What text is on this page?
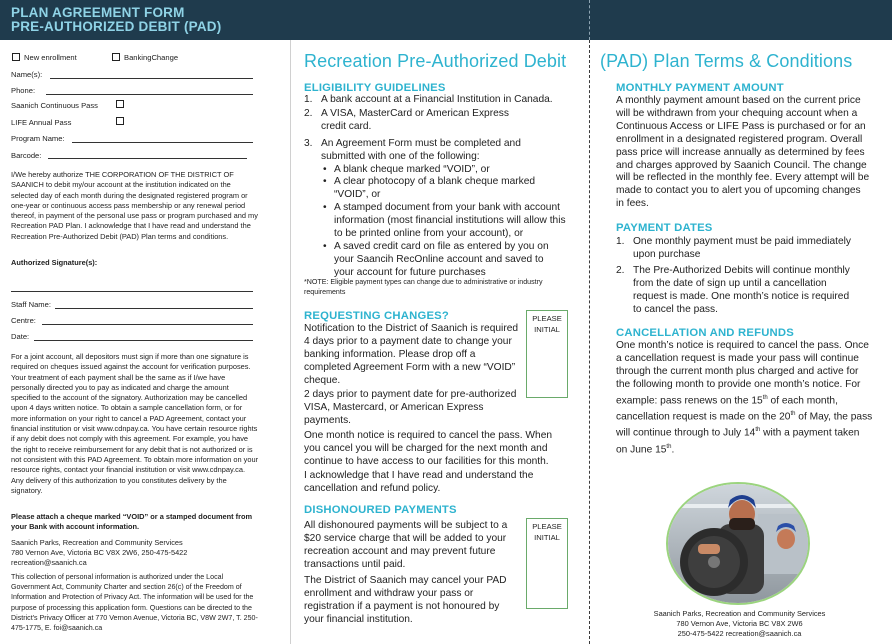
PLAN AGREEMENT FORM
PRE-AUTHORIZED DEBIT (PAD)
New enrollment	BankingChange
Name(s):
Phone:
Saanich Continuous Pass
LIFE Annual Pass
Program Name:
Barcode:
I/We hereby authorize THE CORPORATION OF THE DISTRICT OF SAANICH to debit my/our account at the institution indicated on the selected day of each month during the designated registered program or one-year or continuous access pass membership or any renewal period thereof, in payment of the personal use pass or program purchased and my Recreation PAD Plan. I acknowledge that I have read and understand the Recreation Pre-Authorized Debit (PAD) Plan terms and conditions.
Authorized Signature(s):
Staff Name:
Centre:
Date:
For a joint account, all depositors must sign if more than one signature is required on cheques issued against the account for verification purposes. Your treatment of each payment shall be the same as if I/we have personally directed you to pay as indicated and charge the amount specified to the account of the signatory. Authorization may be cancelled upon 4 days written notice. To obtain a sample cancellation form, or for more information on your right to cancel a PAD Agreement, contact your financial institution or visit www.cdnpay.ca. You have certain resource rights if any debit does not comply with this agreement. For example, you have the right to receive reimbursement for any debit that is not authorized or is not consistent with this PAD Agreement. To obtain more information on your resource rights, contact your financial institution or visit www.cdnpay.ca. Any delivery of this authorization to you constitutes delivery by the signatory.
Please attach a cheque marked “VOID” or a stamped document from your Bank with account information.
Saanich Parks, Recreation and Community Services
780 Vernon Ave, Victoria BC V8X 2W6, 250-475-5422
recreation@saanich.ca
This collection of personal information is authorized under the Local Government Act, Community Charter and section 26(c) of the Freedom of Information and Protection of Privacy Act. The information will be used for the purpose of processing this application form. Questions can be directed to the District's Privacy Officer at 770 Vernon Avenue, Victoria BC, V8W 2W7, T. 250-475-1775, E. foi@saanich.ca
Recreation Pre-Authorized Debit
ELIGIBILITY GUIDELINES
1. A bank account at a Financial Institution in Canada.
2. A VISA, MasterCard or American Express credit card.
3. An Agreement Form must be completed and submitted with one of the following:
• A blank cheque marked “VOID”, or
• A clear photocopy of a blank cheque marked “VOID”, or
• A stamped document from your bank with account information (most financial institutions will allow this to be printed online from your account), or
• A saved credit card on file as entered by you on your Saancih RecOnline account and saved to your account for future purchases
*NOTE: Eligible payment types can change due to administrative or industry requirements
REQUESTING CHANGES?
Notification to the District of Saanich is required 4 days prior to a payment date to change your banking information. Please drop off a completed Agreement Form with a new “VOID” cheque.
2 days prior to payment date for pre-authorized VISA, Mastercard, or American Express payments.
One month notice is required to cancel the pass. When you cancel you will be charged for the next month and continue to have access to our facilities for this month.
I acknowledge that I have read and understand the cancellation and refund policy.
PLEASE
INITIAL
DISHONOURED PAYMENTS
All dishonoured payments will be subject to a $20 service charge that will be added to your recreation account and may prevent future transactions until paid.
The District of Saanich may cancel your PAD enrollment and withdraw your pass or registration if a payment is not honoured by your financial institution.
PLEASE
INITIAL
(PAD) Plan Terms & Conditions
MONTHLY PAYMENT AMOUNT
A monthly payment amount based on the current price will be withdrawn from your chequing account when a Continuous Access or LIFE Pass is purchased or for an enrollment in a designated registered program. Overall pass price will increase annually as determined by fees and charges approved by Saanich Council. The change will be reflected in the monthly fee. Every attempt will be made to contact you to alert you of upcoming changes in fees.
PAYMENT DATES
1. One monthly payment must be paid immediately upon purchase
2. The Pre-Authorized Debits will continue monthly from the date of sign up until a cancellation request is made. One month’s notice is required to cancel the pass.
CANCELLATION AND REFUNDS
One month’s notice is required to cancel the pass. Once a cancellation request is made your pass will continue through the current month plus charged and active for the following month to provide one month’s notice. For example: pass renews on the 15th of each month, cancellation request is made on the 20th of May, the pass will continue through to July 14th with a payment taken on June 15th.
Saanich Parks, Recreation and Community Services
780 Vernon Ave, Victoria BC V8X 2W6
250-475-5422 recreation@saanich.ca
